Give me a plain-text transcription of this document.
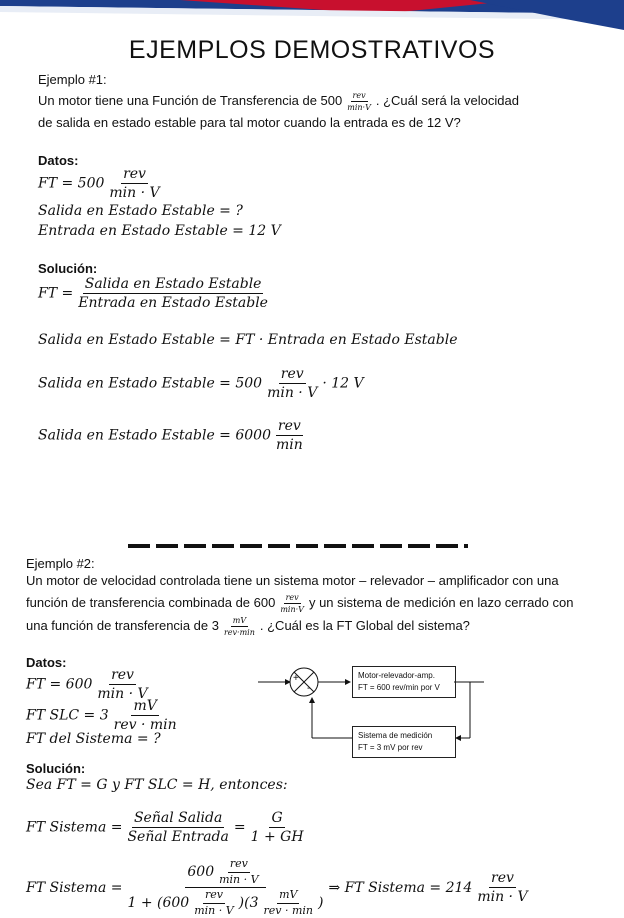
EJEMPLOS DEMOSTRATIVOS
Ejemplo #1:
Un motor tiene una Función de Transferencia de $500 \frac{\text{rev}}{\min\cdot V}$ . ¿Cuál será la velocidad
de salida en estado estable para tal motor cuando la entrada es de 12 V?
Datos:
FT = $500 \frac{\text{rev}}{\min \cdot V}$
Salida en Estado Estable = ?
Entrada en Estado Estable = 12 V
Solución:
FT = $\frac{\text{Salida en Estado Estable}}{\text{Entrada en Estado Estable}}$
Salida en Estado Estable = FT · Entrada en Estado Estable
Salida en Estado Estable = $500 \frac{\text{rev}}{\min \cdot V} \cdot 12$ V
Salida en Estado Estable = $6000 \frac{\text{rev}}{\min}$
Ejemplo #2:
Un motor de velocidad controlada tiene un sistema motor – relevador – amplificador con una
función de transferencia combinada de $600 \frac{\text{rev}}{\min\cdot V}$ y un sistema de medición en lazo cerrado con
una función de transferencia de $3 \frac{mV}{\text{rev·min}}$ . ¿Cuál es la FT Global del sistema?
Datos:
FT = $600 \frac{\text{rev}}{\min \cdot V}$
FT SLC = $3 \frac{mV}{\text{rev · min}}$
FT del Sistema = ?
+
-
Motor-relevador-amp.
FT = 600 rev/min por V
Sistema de medición
FT = 3 mV por rev
Solución:
Sea FT = G y FT SLC = H, entonces:
FT Sistema = $\frac{\text{Señal Salida}}{\text{Señal Entrada}} = \frac{G}{1 + GH}$
FT Sistema = $\frac{600 \frac{\text{rev}}{\min \cdot V}}{1 + (600 \frac{\text{rev}}{\min \cdot V} )(3 \frac{mV}{\text{rev · min}} )}$ ⇒ FT Sistema = $214 \frac{\text{rev}}{\min \cdot V}$
